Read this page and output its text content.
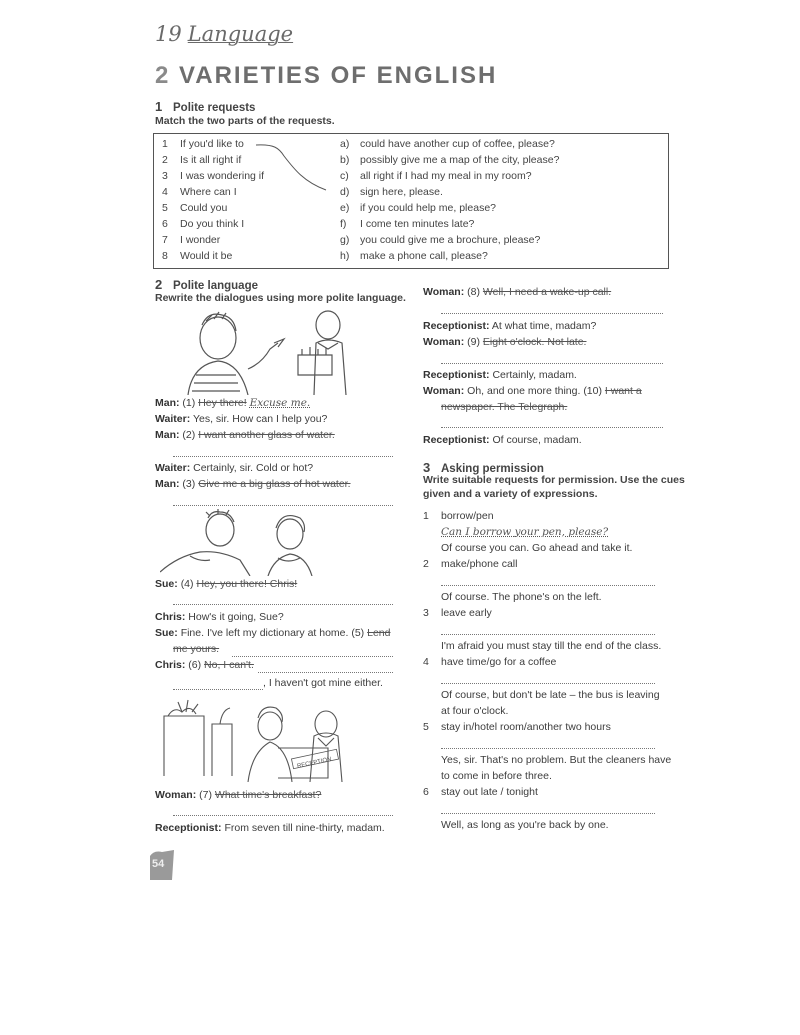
19 Language
2 VARIETIES OF ENGLISH
1 Polite requests
Match the two parts of the requests.
1 If you'd like to
2 Is it all right if
3 I was wondering if
4 Where can I
5 Could you
6 Do you think I
7 I wonder
8 Would it be
a) could have another cup of coffee, please?
b) possibly give me a map of the city, please?
c) all right if I had my meal in my room?
d) sign here, please.
e) if you could help me, please?
f) I come ten minutes late?
g) you could give me a brochure, please?
h) make a phone call, please?
2 Polite language
Rewrite the dialogues using more polite language.
Man: (1) Hey there! Excuse me.
Waiter: Yes, sir. How can I help you?
Man: (2) I want another glass of water.
Waiter: Certainly, sir. Cold or hot?
Man: (3) Give me a big glass of hot water.
Sue: (4) Hey, you there! Chris!
Chris: How's it going, Sue?
Sue: Fine. I've left my dictionary at home. (5) Lend
me yours.
Chris: (6) No, I can't.
, I haven't got mine either.
RECEPTION
Woman: (7) What time's breakfast?
Receptionist: From seven till nine-thirty, madam.
Woman: (8) Well, I need a wake-up call.
Receptionist: At what time, madam?
Woman: (9) Eight o'clock. Not late.
Receptionist: Certainly, madam.
Woman: Oh, and one more thing. (10) I want a
newspaper. The Telegraph.
Receptionist: Of course, madam.
3 Asking permission
Write suitable requests for permission. Use the cues
given and a variety of expressions.
1 borrow/pen
Can I borrow your pen, please?
Of course you can. Go ahead and take it.
2 make/phone call
Of course. The phone's on the left.
3 leave early
I'm afraid you must stay till the end of the class.
4 have time/go for a coffee
Of course, but don't be late – the bus is leaving
at four o'clock.
5 stay in/hotel room/another two hours
Yes, sir. That's no problem. But the cleaners have
to come in before three.
6 stay out late / tonight
Well, as long as you're back by one.
54
